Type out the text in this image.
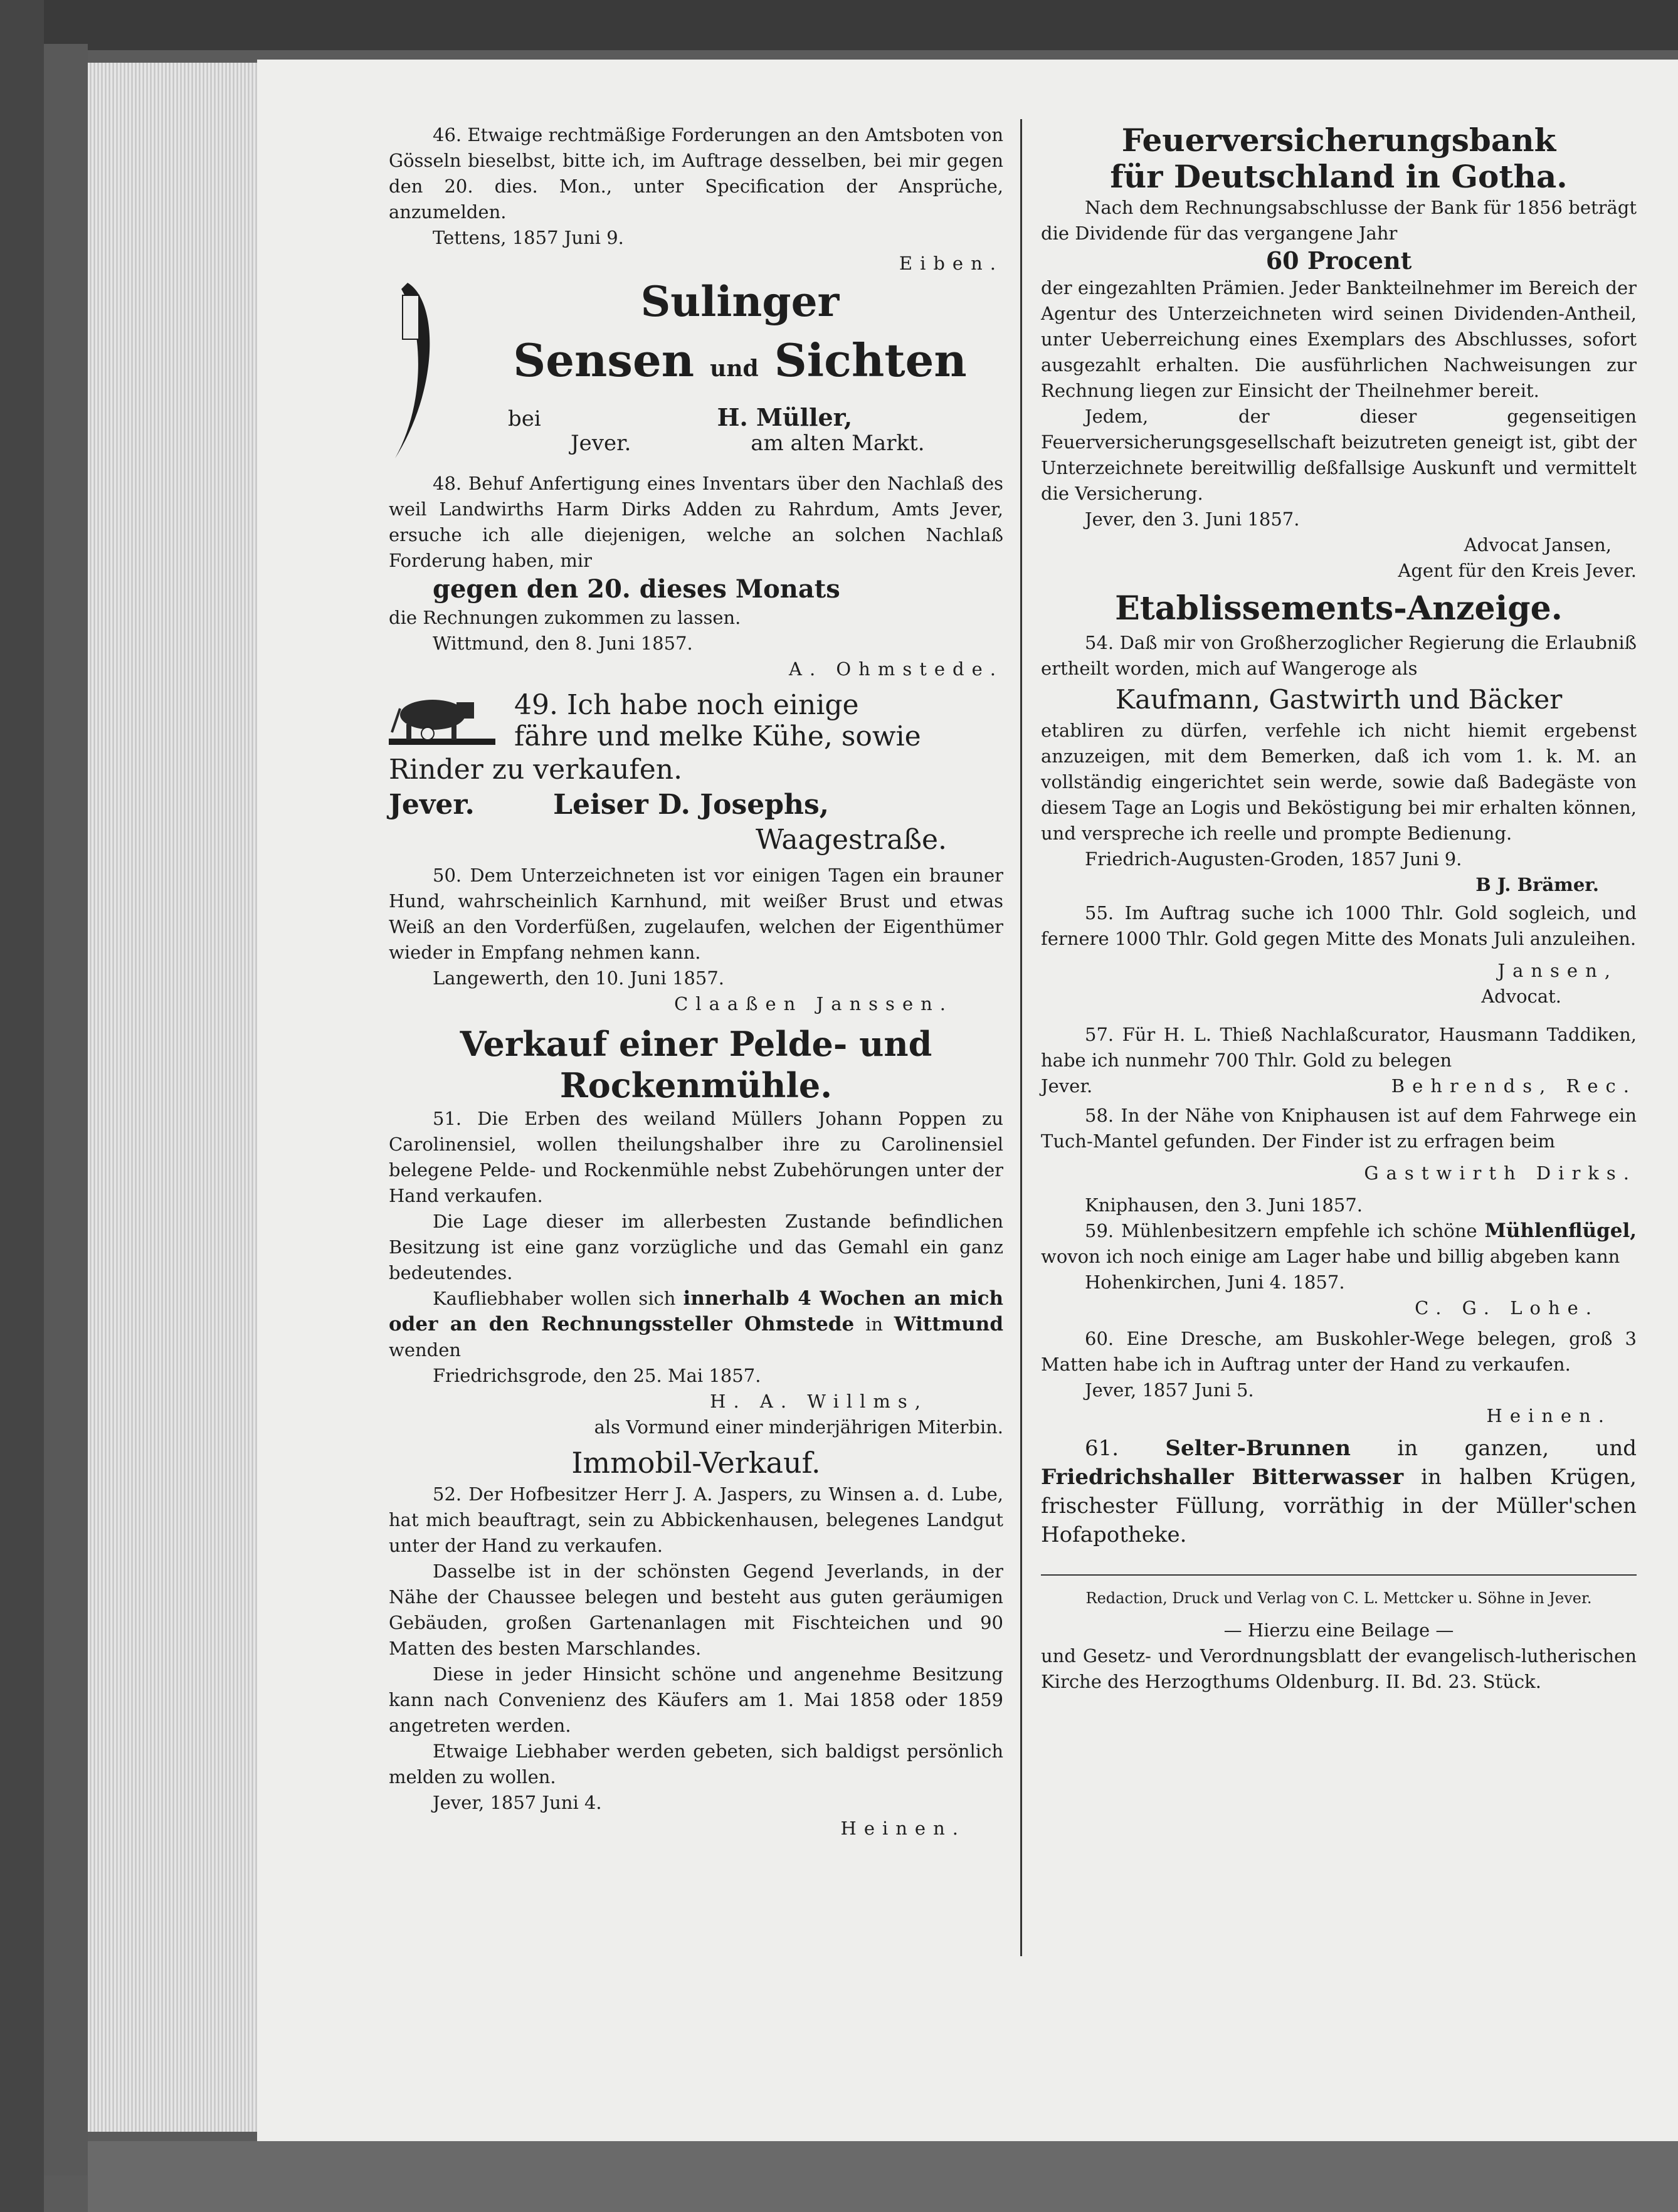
46. Etwaige rechtmäßige Forderungen an den Amtsboten von Gösseln bieselbst, bitte ich, im Auftrage desselben, bei mir gegen den 20. dies. Mon., unter Specification der Ansprüche, anzumelden.

Tettens, 1857 Juni 9.

Eiben.

Sulinger
Sensen und Sichten
bei	H. Müller,
Jever.	am alten Markt.

48. Behuf Anfertigung eines Inventars über den Nachlaß des weil Landwirths Harm Dirks Adden zu Rahrdum, Amts Jever, ersuche ich alle diejenigen, welche an solchen Nachlaß Forderung haben, mir

gegen den 20. dieses Monats

die Rechnungen zukommen zu lassen.

Wittmund, den 8. Juni 1857.

A. Ohmstede.

49. Ich habe noch einige
fähre und melke Kühe, sowie

Rinder zu verkaufen.

Jever.	Leiser D. Josephs,

Waagestraße.

50. Dem Unterzeichneten ist vor einigen Tagen ein brauner Hund, wahrscheinlich Karnhund, mit weißer Brust und etwas Weiß an den Vorderfüßen, zugelaufen, welchen der Eigenthümer wieder in Empfang nehmen kann.

Langewerth, den 10. Juni 1857.

Claaßen Janssen.

Verkauf einer Pelde- und

Rockenmühle.

51. Die Erben des weiland Müllers Johann Poppen zu Carolinensiel, wollen theilungshalber ihre zu Carolinensiel belegene Pelde- und Rockenmühle nebst Zubehörungen unter der Hand verkaufen.

Die Lage dieser im allerbesten Zustande befindlichen Besitzung ist eine ganz vorzügliche und das Gemahl ein ganz bedeutendes.

Kaufliebhaber wollen sich innerhalb 4 Wochen an mich oder an den Rechnungssteller Ohmstede in Wittmund wenden

Friedrichsgrode, den 25. Mai 1857.

H. A. Willms,

als Vormund einer minderjährigen Miterbin.

Immobil-Verkauf.

52. Der Hofbesitzer Herr J. A. Jaspers, zu Winsen a. d. Lube, hat mich beauftragt, sein zu Abbickenhausen, belegenes Landgut unter der Hand zu verkaufen.

Dasselbe ist in der schönsten Gegend Jeverlands, in der Nähe der Chaussee belegen und besteht aus guten geräumigen Gebäuden, großen Gartenanlagen mit Fischteichen und 90 Matten des besten Marschlandes.

Diese in jeder Hinsicht schöne und angenehme Besitzung kann nach Convenienz des Käufers am 1. Mai 1858 oder 1859 angetreten werden.

Etwaige Liebhaber werden gebeten, sich baldigst persönlich melden zu wollen.

Jever, 1857 Juni 4.

Heinen.

Feuerversicherungsbank

für Deutschland in Gotha.

Nach dem Rechnungsabschlusse der Bank für 1856 beträgt die Dividende für das vergangene Jahr

60 Procent

der eingezahlten Prämien. Jeder Bankteilnehmer im Bereich der Agentur des Unterzeichneten wird seinen Dividenden-Antheil, unter Ueberreichung eines Exemplars des Abschlusses, sofort ausgezahlt erhalten. Die ausführlichen Nachweisungen zur Rechnung liegen zur Einsicht der Theilnehmer bereit.

Jedem, der dieser gegenseitigen Feuerversicherungsgesellschaft beizutreten geneigt ist, gibt der Unterzeichnete bereitwillig deßfallsige Auskunft und vermittelt die Versicherung.

Jever, den 3. Juni 1857.

Advocat Jansen,

Agent für den Kreis Jever.

Etablissements-Anzeige.

54. Daß mir von Großherzoglicher Regierung die Erlaubniß ertheilt worden, mich auf Wangeroge als

Kaufmann, Gastwirth und Bäcker

etabliren zu dürfen, verfehle ich nicht hiemit ergebenst anzuzeigen, mit dem Bemerken, daß ich vom 1. k. M. an vollständig eingerichtet sein werde, sowie daß Badegäste von diesem Tage an Logis und Beköstigung bei mir erhalten können, und verspreche ich reelle und prompte Bedienung.

Friedrich-Augusten-Groden, 1857 Juni 9.

B J. Brämer.

55. Im Auftrag suche ich 1000 Thlr. Gold sogleich, und fernere 1000 Thlr. Gold gegen Mitte des Monats Juli anzuleihen.

Jansen,

Advocat.

57. Für H. L. Thieß Nachlaßcurator, Hausmann Taddiken, habe ich nunmehr 700 Thlr. Gold zu belegen

Jever.	Behrends, Rec.

58. In der Nähe von Kniphausen ist auf dem Fahrwege ein Tuch-Mantel gefunden. Der Finder ist zu erfragen beim

Gastwirth Dirks.

Kniphausen, den 3. Juni 1857.

59. Mühlenbesitzern empfehle ich schöne Mühlenflügel, wovon ich noch einige am Lager habe und billig abgeben kann

Hohenkirchen, Juni 4. 1857.

C. G. Lohe.

60. Eine Dresche, am Buskohler-Wege belegen, groß 3 Matten habe ich in Auftrag unter der Hand zu verkaufen.

Jever, 1857 Juni 5.

Heinen.

61. Selter-Brunnen in ganzen, und Friedrichshaller Bitterwasser in halben Krügen, frischester Füllung, vorräthig in der Müller'schen Hofapotheke.

Redaction, Druck und Verlag von C. L. Mettcker u. Söhne in Jever.

— Hierzu eine Beilage —

und Gesetz- und Verordnungsblatt der evangelisch-lutherischen Kirche des Herzogthums Oldenburg. II. Bd. 23. Stück.
